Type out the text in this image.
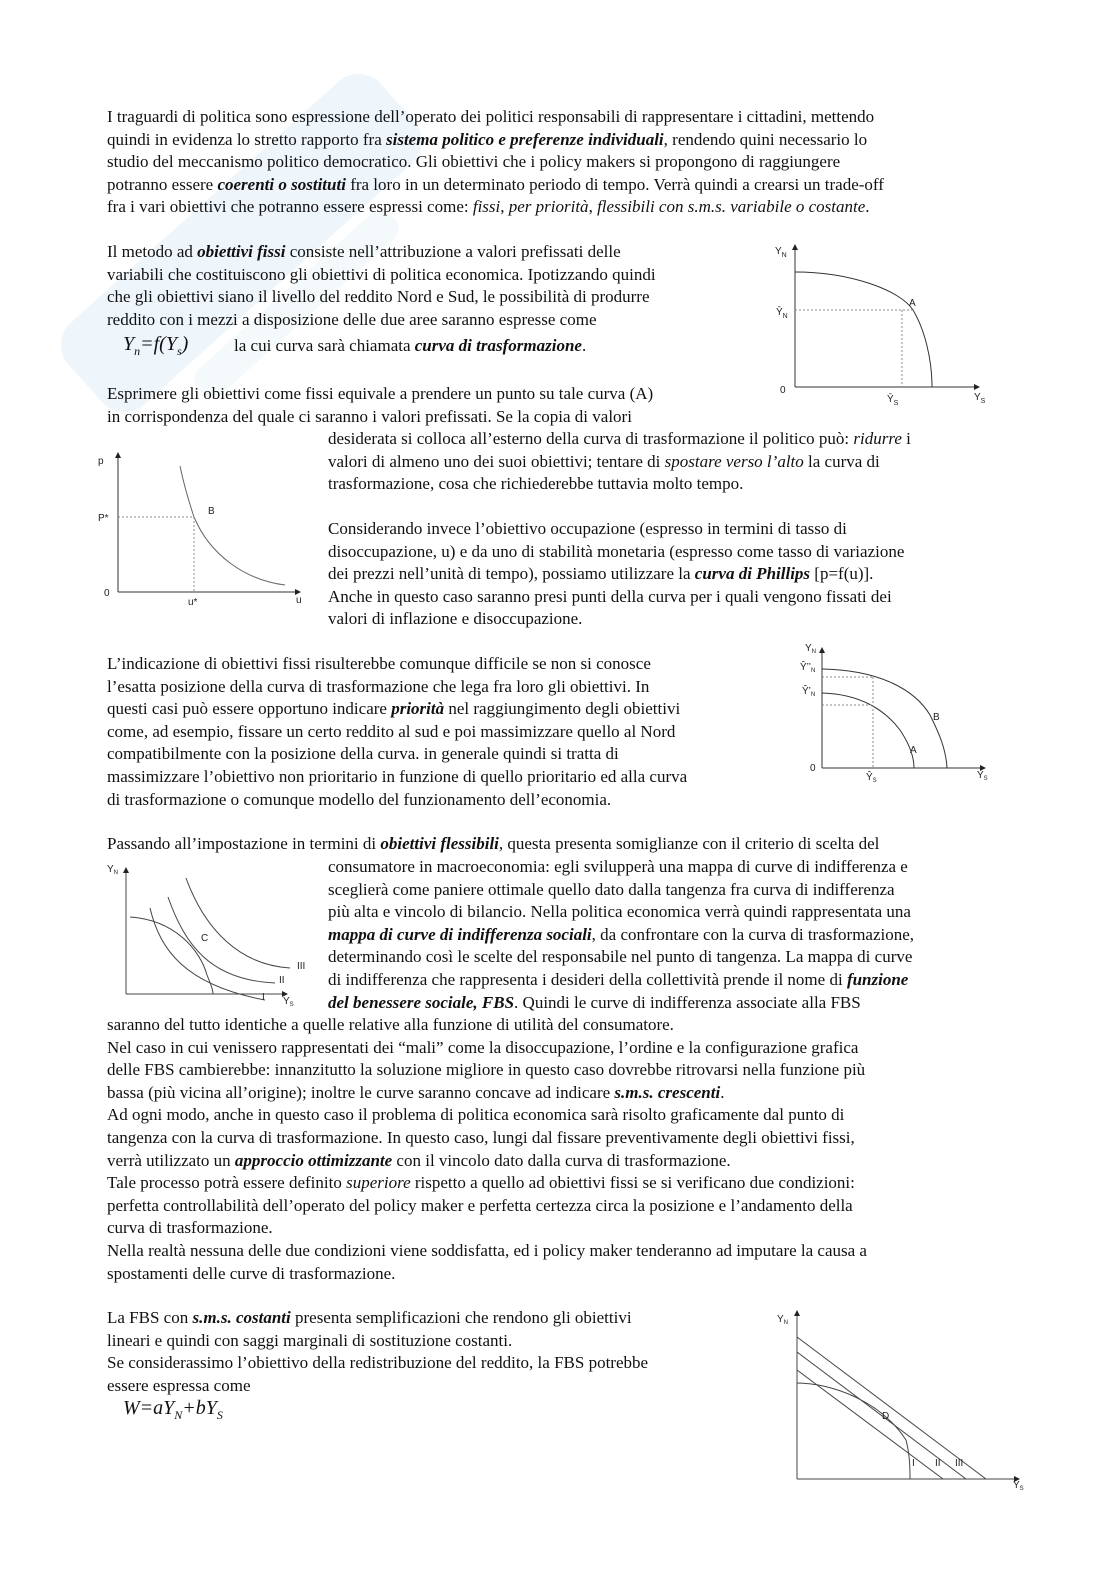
I traguardi di politica sono espressione dell’operato dei politici responsabili di rappresentare i cittadini, mettendo
quindi in evidenza lo stretto rapporto fra sistema politico e preferenze individuali, rendendo quini necessario lo
studio del meccanismo politico democratico. Gli obiettivi che i policy makers si propongono di raggiungere
potranno essere coerenti o sostituti fra loro in un determinato periodo di tempo. Verrà quindi a crearsi un trade-off
fra i vari obiettivi che potranno essere espressi come: fissi, per priorità, flessibili con s.m.s. variabile o costante.
Il metodo ad obiettivi fissi consiste nell’attribuzione a valori prefissati delle
variabili che costituiscono gli obiettivi di politica economica. Ipotizzando quindi
che gli obiettivi siano il livello del reddito Nord e Sud, le possibilità di produrre
reddito con i mezzi a disposizione delle due aree saranno espresse come
$Y_n=f(Y_s)$	la cui curva sarà chiamata curva di trasformazione.
Esprimere gli obiettivi come fissi equivale a prendere un punto su tale curva (A)
in corrispondenza del quale ci saranno i valori prefissati. Se la copia di valori
desiderata si colloca all’esterno della curva di trasformazione il politico può: ridurre i
valori di almeno uno dei suoi obiettivi; tentare di spostare verso l’alto la curva di
trasformazione, cosa che richiederebbe tuttavia molto tempo.
Considerando invece l’obiettivo occupazione (espresso in termini di tasso di
disoccupazione, u) e da uno di stabilità monetaria (espresso come tasso di variazione
dei prezzi nell’unità di tempo), possiamo utilizzare la curva di Phillips [p=f(u)].
Anche in questo caso saranno presi punti della curva per i quali vengono fissati dei
valori di inflazione e disoccupazione.
L’indicazione di obiettivi fissi risulterebbe comunque difficile se non si conosce
l’esatta posizione della curva di trasformazione che lega fra loro gli obiettivi. In
questi casi può essere opportuno indicare priorità nel raggiungimento degli obiettivi
come, ad esempio, fissare un certo reddito al sud e poi massimizzare quello al Nord
compatibilmente con la posizione della curva. in generale quindi si tratta di
massimizzare l’obiettivo non prioritario in funzione di quello prioritario ed alla curva
di trasformazione o comunque modello del funzionamento dell’economia.
Passando all’impostazione in termini di obiettivi flessibili, questa presenta somiglianze con il criterio di scelta del
consumatore in macroeconomia: egli svilupperà una mappa di curve di indifferenza e
sceglierà come paniere ottimale quello dato dalla tangenza fra curva di indifferenza
più alta e vincolo di bilancio. Nella politica economica verrà quindi rappresentata una
mappa di curve di indifferenza sociali, da confrontare con la curva di trasformazione,
determinando così le scelte del responsabile nel punto di tangenza. La mappa di curve
di indifferenza che rappresenta i desideri della collettività prende il nome di funzione
del benessere sociale, FBS. Quindi le curve di indifferenza associate alla FBS
saranno del tutto identiche a quelle relative alla funzione di utilità del consumatore.
Nel caso in cui venissero rappresentati dei “mali” come la disoccupazione, l’ordine e la configurazione grafica
delle FBS cambierebbe: innanzitutto la soluzione migliore in questo caso dovrebbe ritrovarsi nella funzione più
bassa (più vicina all’origine); inoltre le curve saranno concave ad indicare s.m.s. crescenti.
Ad ogni modo, anche in questo caso il problema di politica economica sarà risolto graficamente dal punto di
tangenza con la curva di trasformazione. In questo caso, lungi dal fissare preventivamente degli obiettivi fissi,
verrà utilizzato un approccio ottimizzante con il vincolo dato dalla curva di trasformazione.
Tale processo potrà essere definito superiore rispetto a quello ad obiettivi fissi se si verificano due condizioni:
perfetta controllabilità dell’operato del policy maker e perfetta certezza circa la posizione e l’andamento della
curva di trasformazione.
Nella realtà nessuna delle due condizioni viene soddisfatta, ed i policy maker tenderanno ad imputare la causa a
spostamenti delle curve di trasformazione.
La FBS con s.m.s. costanti presenta semplificazioni che rendono gli obiettivi
lineari e quindi con saggi marginali di sostituzione costanti.
Se considerassimo l’obiettivo della redistribuzione del reddito, la FBS potrebbe
essere espressa come
$W=aY_N+bY_S$
$Y_N$
$Ȳ_N$
A
0
$Ȳ_S$
$Y_S$
p
P*
B
0
u*	u
$Y_N$
$Ŷ’’_N$
$Ŷ’_N$
B
A
0
$Ŷ_S$	$Y_S$
$Y_N$
C
I
II
III
$Y_S$
$Y_N$
D
I II III
$Y_S$
